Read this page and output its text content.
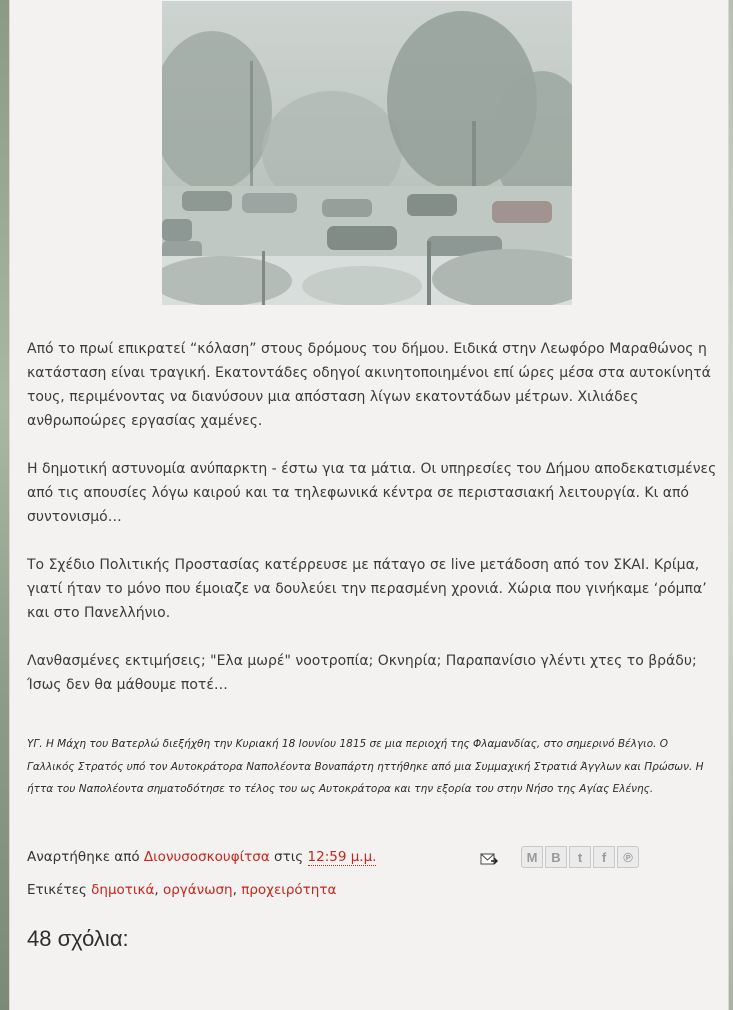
Από το πρωί επικρατεί “κόλαση” στους δρόμους του δήμου. Ειδικά στην Λεωφόρο Μαραθώνος η κατάσταση είναι τραγική. Εκατοντάδες οδηγοί ακινητοποιημένοι επί ώρες μέσα στα αυτοκίνητά τους, περιμένοντας να διανύσουν μια απόσταση λίγων εκατοντάδων μέτρων. Χιλιάδες ανθρωποώρες εργασίας χαμένες.

Η δημοτική αστυνομία ανύπαρκτη - έστω για τα μάτια. Οι υπηρεσίες του Δήμου αποδεκατισμένες από τις απουσίες λόγω καιρού και τα τηλεφωνικά κέντρα σε περιστασιακή λειτουργία. Κι από συντονισμό…

Το Σχέδιο Πολιτικής Προστασίας κατέρρευσε με πάταγο σε live μετάδοση από τον ΣΚΑΙ. Κρίμα, γιατί ήταν το μόνο που έμοιαζε να δουλεύει την περασμένη χρονιά. Χώρια που γινήκαμε ‘ρόμπα’ και στο Πανελλήνιο.

Λανθασμένες εκτιμήσεις; "Ελα μωρέ" νοοτροπία; Οκνηρία; Παραπανίσιο γλέντι χτες το βράδυ; Ίσως δεν θα μάθουμε ποτέ…

ΥΓ. Η Μάχη του Βατερλώ διεξήχθη την Κυριακή 18 Ιουνίου 1815 σε μια περιοχή της Φλαμανδίας, στο σημερινό Βέλγιο. Ο Γαλλικός Στρατός υπό τον Αυτοκράτορα Ναπολέοντα Βοναπάρτη ηττήθηκε από μια Συμμαχική Στρατιά Άγγλων και Πρώσων. Η ήττα του Ναπολέοντα σηματοδότησε το τέλος του ως Αυτοκράτορα και την εξορία του στην Νήσο της Αγίας Ελένης.
Αναρτήθηκε από Διονυσοσκουφίτσα στις 12:59 μ.μ.	M	B	t	f	℗
Ετικέτες δημοτικά, οργάνωση, προχειρότητα
48 σχόλια:
